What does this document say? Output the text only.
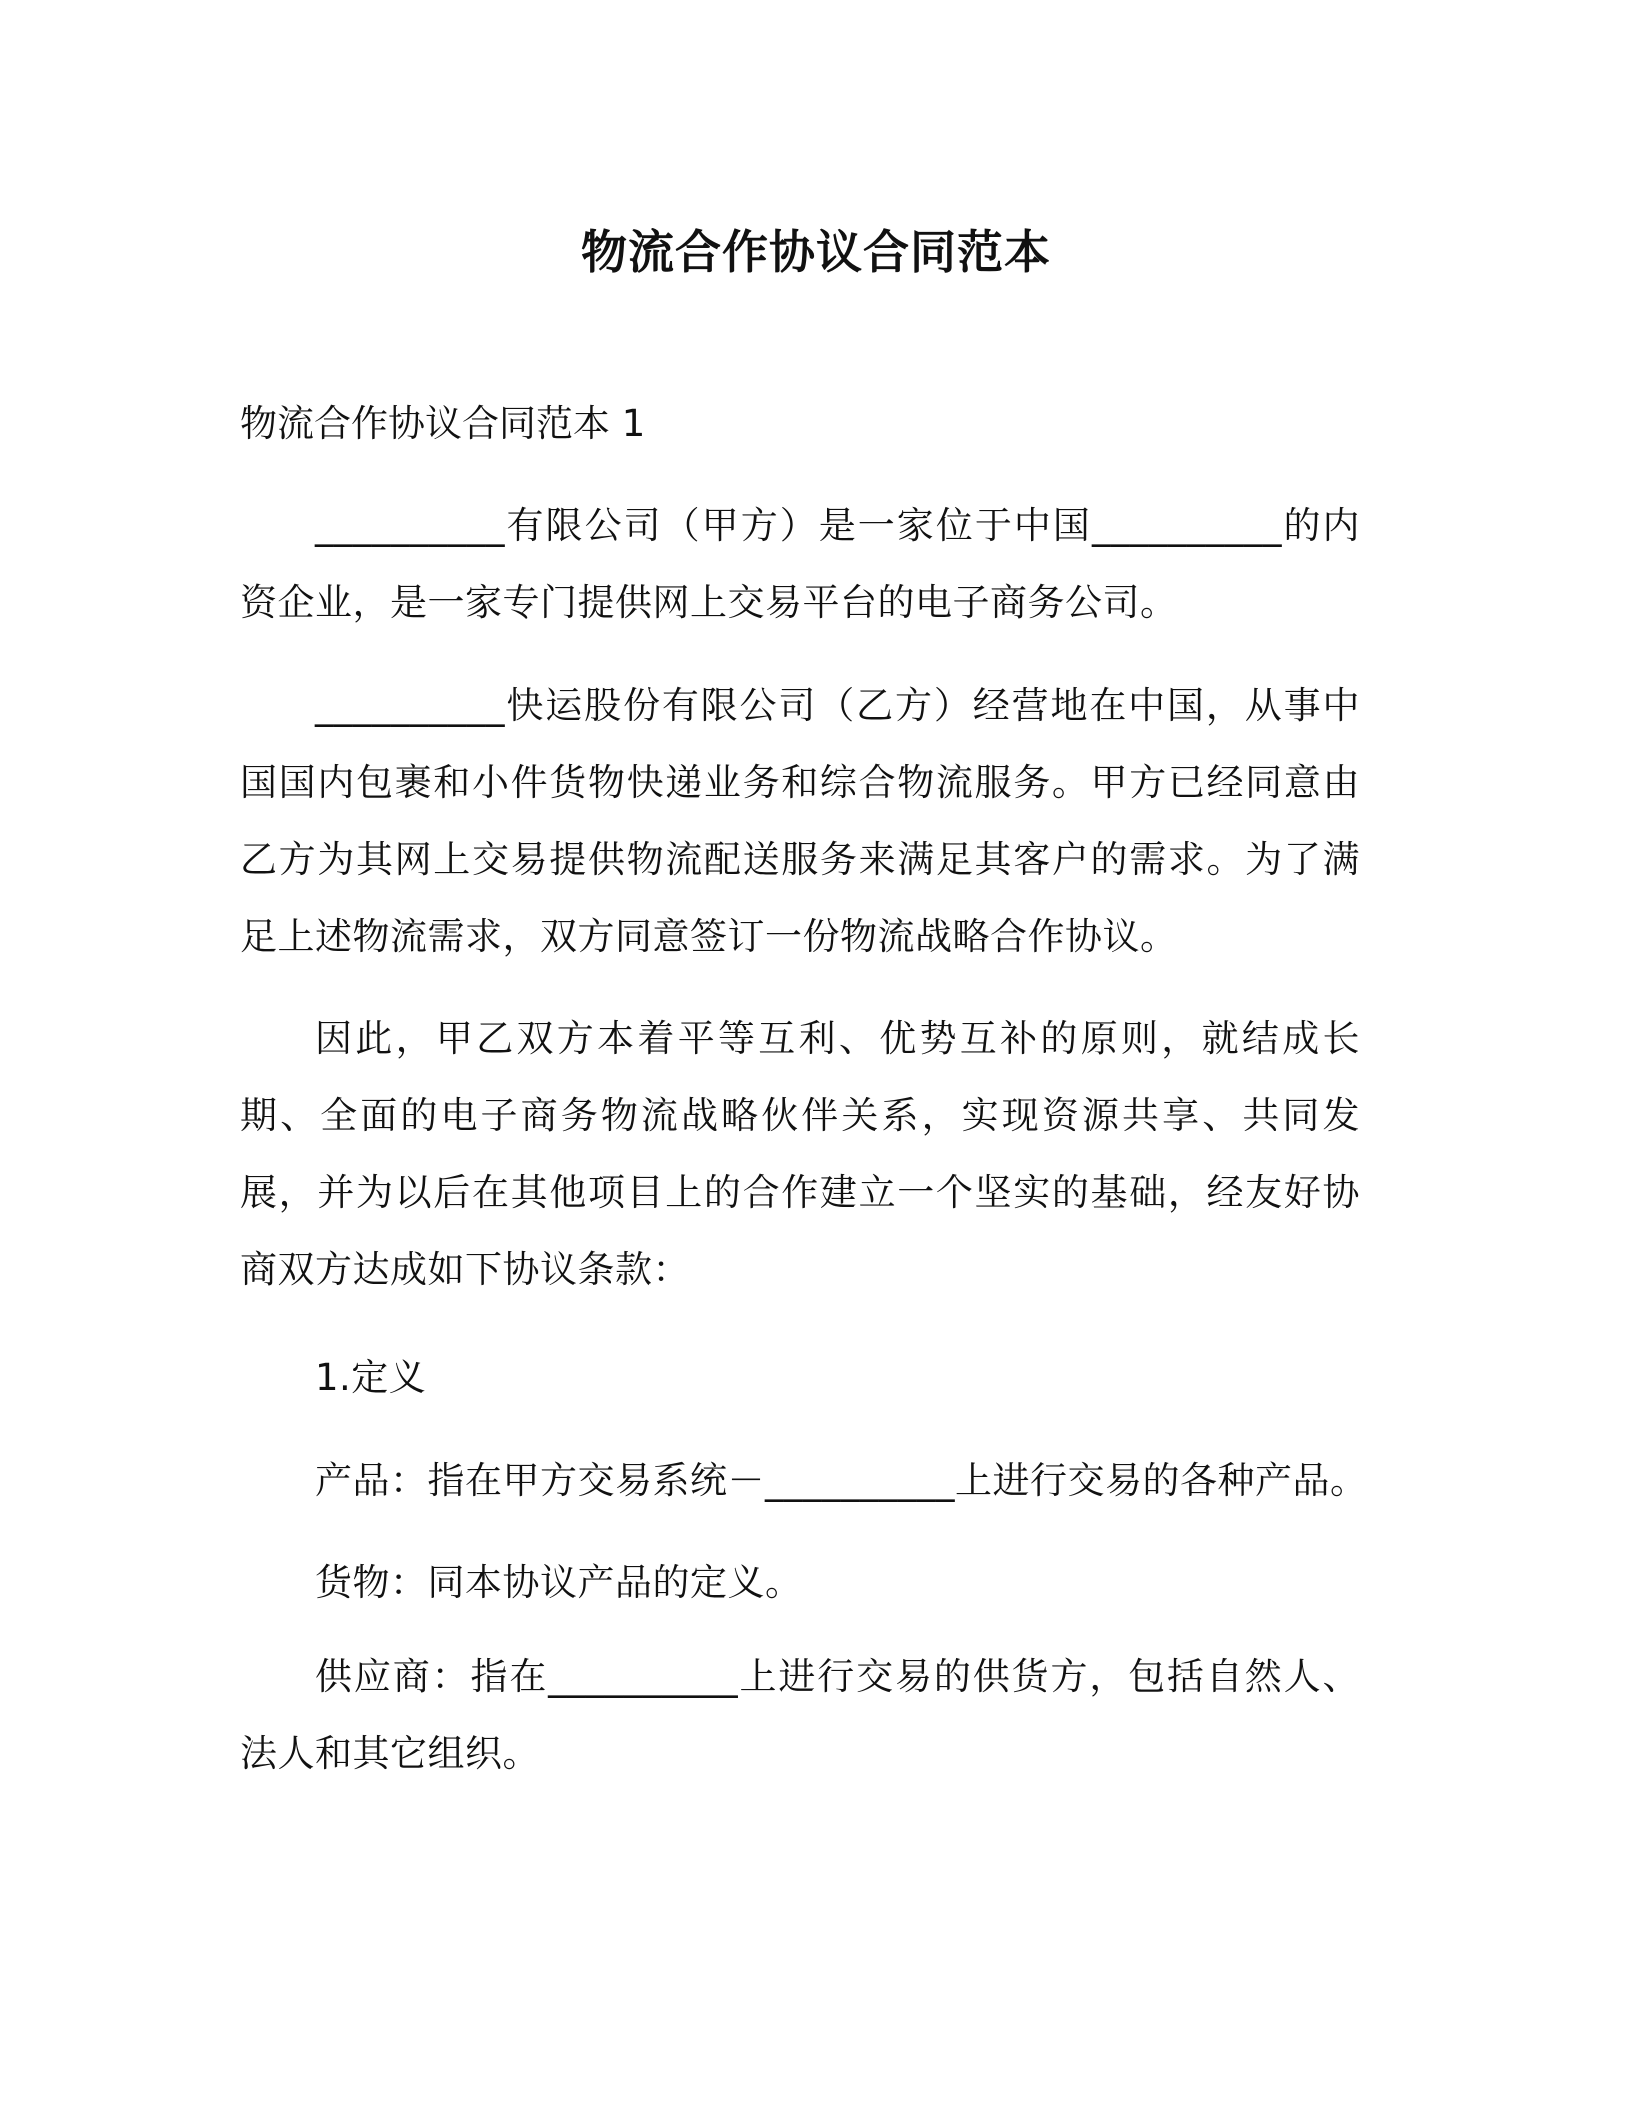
物流合作协议合同范本
物流合作协议合同范本 1
__________有限公司（甲方）是一家位于中国__________的内资企业，是一家专门提供网上交易平台的电子商务公司。
__________快运股份有限公司（乙方）经营地在中国，从事中国国内包裹和小件货物快递业务和综合物流服务。甲方已经同意由乙方为其网上交易提供物流配送服务来满足其客户的需求。为了满足上述物流需求，双方同意签订一份物流战略合作协议。
因此，甲乙双方本着平等互利、优势互补的原则，就结成长期、全面的电子商务物流战略伙伴关系，实现资源共享、共同发展，并为以后在其他项目上的合作建立一个坚实的基础，经友好协商双方达成如下协议条款：
1.定义
产品：指在甲方交易系统－__________上进行交易的各种产品。
货物：同本协议产品的定义。
供应商：指在__________上进行交易的供货方，包括自然人、法人和其它组织。
